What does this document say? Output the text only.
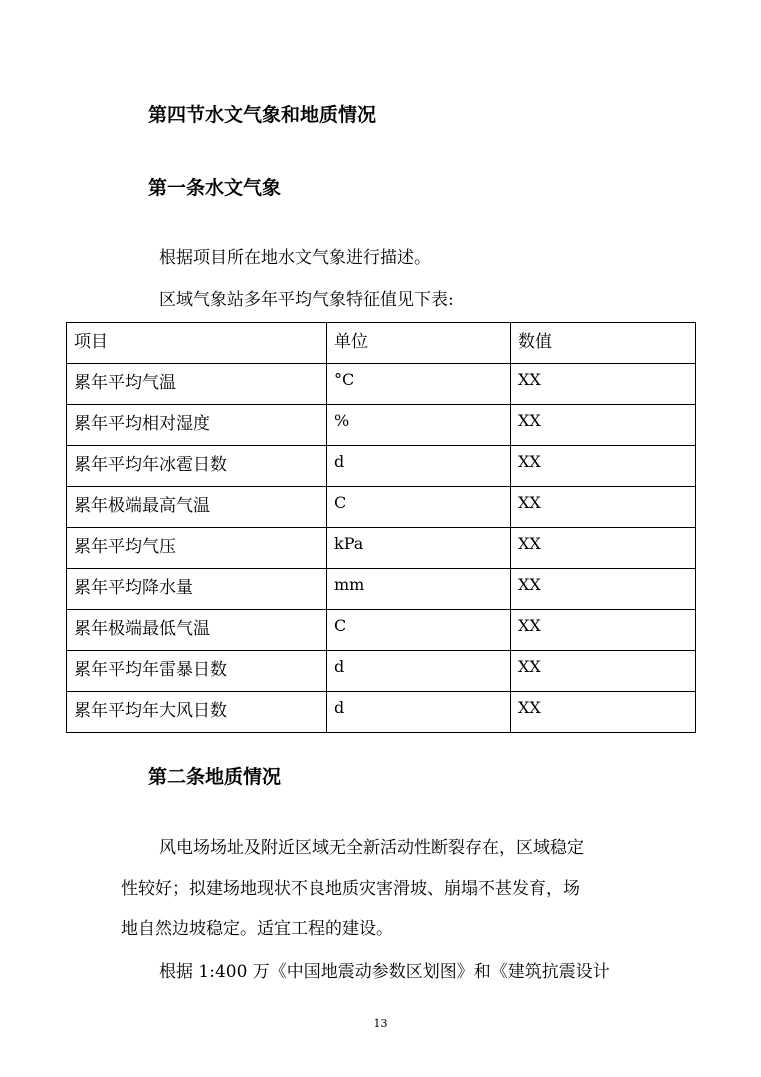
第四节水文气象和地质情况
第一条水文气象
根据项目所在地水文气象进行描述。
区域气象站多年平均气象特征值见下表:
项目	单位	数值
累年平均气温	°C	XX
累年平均相对湿度	%	XX
累年平均年冰雹日数	d	XX
累年极端最高气温	C	XX
累年平均气压	kPa	XX
累年平均降水量	mm	XX
累年极端最低气温	C	XX
累年平均年雷暴日数	d	XX
累年平均年大风日数	d	XX
第二条地质情况
风电场场址及附近区域无全新活动性断裂存在，区域稳定
性较好；拟建场地现状不良地质灾害滑坡、崩塌不甚发育，场
地自然边坡稳定。适宜工程的建设。
根据 1:400 万《中国地震动参数区划图》和《建筑抗震设计
13
